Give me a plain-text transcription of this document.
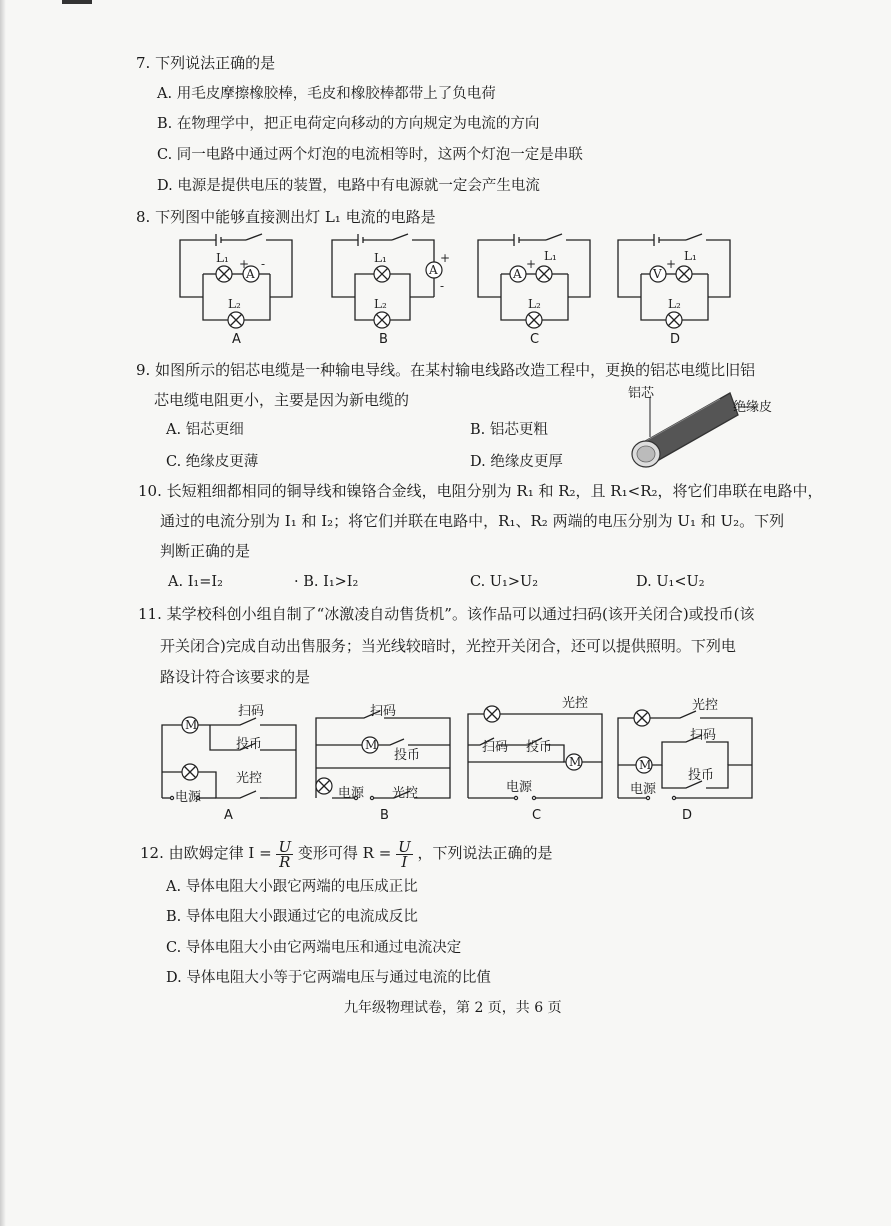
7. 下列说法正确的是
A. 用毛皮摩擦橡胶棒，毛皮和橡胶棒都带上了负电荷
B. 在物理学中，把正电荷定向移动的方向规定为电流的方向
C. 同一电路中通过两个灯泡的电流相等时，这两个灯泡一定是串联
D. 电源是提供电压的装置，电路中有电源就一定会产生电流
8. 下列图中能够直接测出灯 L₁ 电流的电路是
A
+ -
L₁
L₂
A
A
+
-
L₁
L₂
B
A
+
L₁
L₂
C
V
+
L₁
L₂
D
9. 如图所示的铝芯电缆是一种输电导线。在某村输电线路改造工程中，更换的铝芯电缆比旧铝
芯电缆电阻更小，主要是因为新电缆的
A. 铝芯更细	B. 铝芯更粗
C. 绝缘皮更薄	D. 绝缘皮更厚
铝芯
绝缘皮
10. 长短粗细都相同的铜导线和镍铬合金线，电阻分别为 R₁ 和 R₂，且 R₁<R₂，将它们串联在电路中，
通过的电流分别为 I₁ 和 I₂；将它们并联在电路中，R₁、R₂ 两端的电压分别为 U₁ 和 U₂。下列
判断正确的是
A. I₁=I₂	· B. I₁>I₂	C. U₁>U₂	D. U₁<U₂
11. 某学校科创小组自制了“冰激凌自动售货机”。该作品可以通过扫码(该开关闭合)或投币(该
开关闭合)完成自动出售服务；当光线较暗时，光控开关闭合，还可以提供照明。下列电
路设计符合该要求的是
M
扫码
投币
光控
电源
A
M
扫码
投币
电源 光控
B
M
光控
扫码 投币
电源
C
M
光控
扫码
投币
电源
D
12. 由欧姆定律 $I = \frac{U}{R}$ 变形可得 $R = \frac{U}{I}$ ，下列说法正确的是
A. 导体电阻大小跟它两端的电压成正比
B. 导体电阻大小跟通过它的电流成反比
C. 导体电阻大小由它两端电压和通过电流决定
D. 导体电阻大小等于它两端电压与通过电流的比值
九年级物理试卷，第 2 页，共 6 页
